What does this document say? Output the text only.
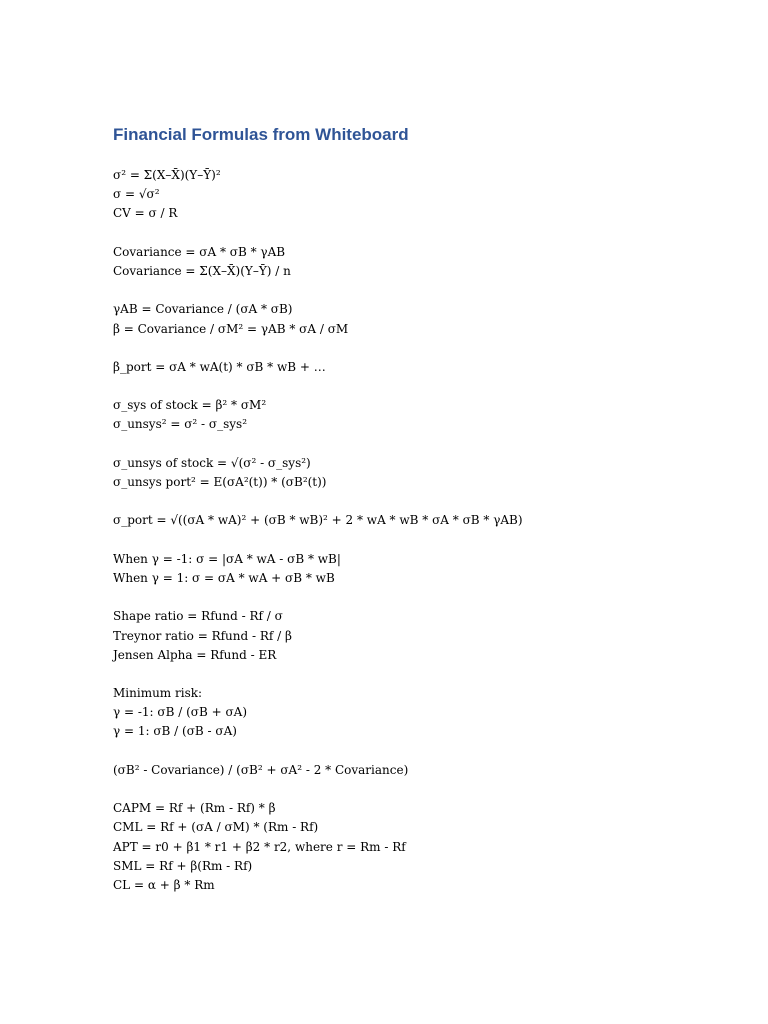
Financial Formulas from Whiteboard
σ² = Σ(X–X̄)(Y–Ȳ)²
σ = √σ²
CV = σ / R
Covariance = σA * σB * γAB
Covariance = Σ(X–X̄)(Y–Ȳ) / n
γAB = Covariance / (σA * σB)
β = Covariance / σM² = γAB * σA / σM
β_port = σA * wA(t) * σB * wB + …
σ_sys of stock = β² * σM²
σ_unsys² = σ² - σ_sys²
σ_unsys of stock = √(σ² - σ_sys²)
σ_unsys port² = E(σA²(t)) * (σB²(t))
σ_port = √((σA * wA)² + (σB * wB)² + 2 * wA * wB * σA * σB * γAB)
When γ = -1: σ = |σA * wA - σB * wB|
When γ = 1: σ = σA * wA + σB * wB
Shape ratio = Rfund - Rf / σ
Treynor ratio = Rfund - Rf / β
Jensen Alpha = Rfund - ER
Minimum risk:
γ = -1: σB / (σB + σA)
γ = 1: σB / (σB - σA)
(σB² - Covariance) / (σB² + σA² - 2 * Covariance)
CAPM = Rf + (Rm - Rf) * β
CML = Rf + (σA / σM) * (Rm - Rf)
APT = r0 + β1 * r1 + β2 * r2, where r = Rm - Rf
SML = Rf + β(Rm - Rf)
CL = α + β * Rm
